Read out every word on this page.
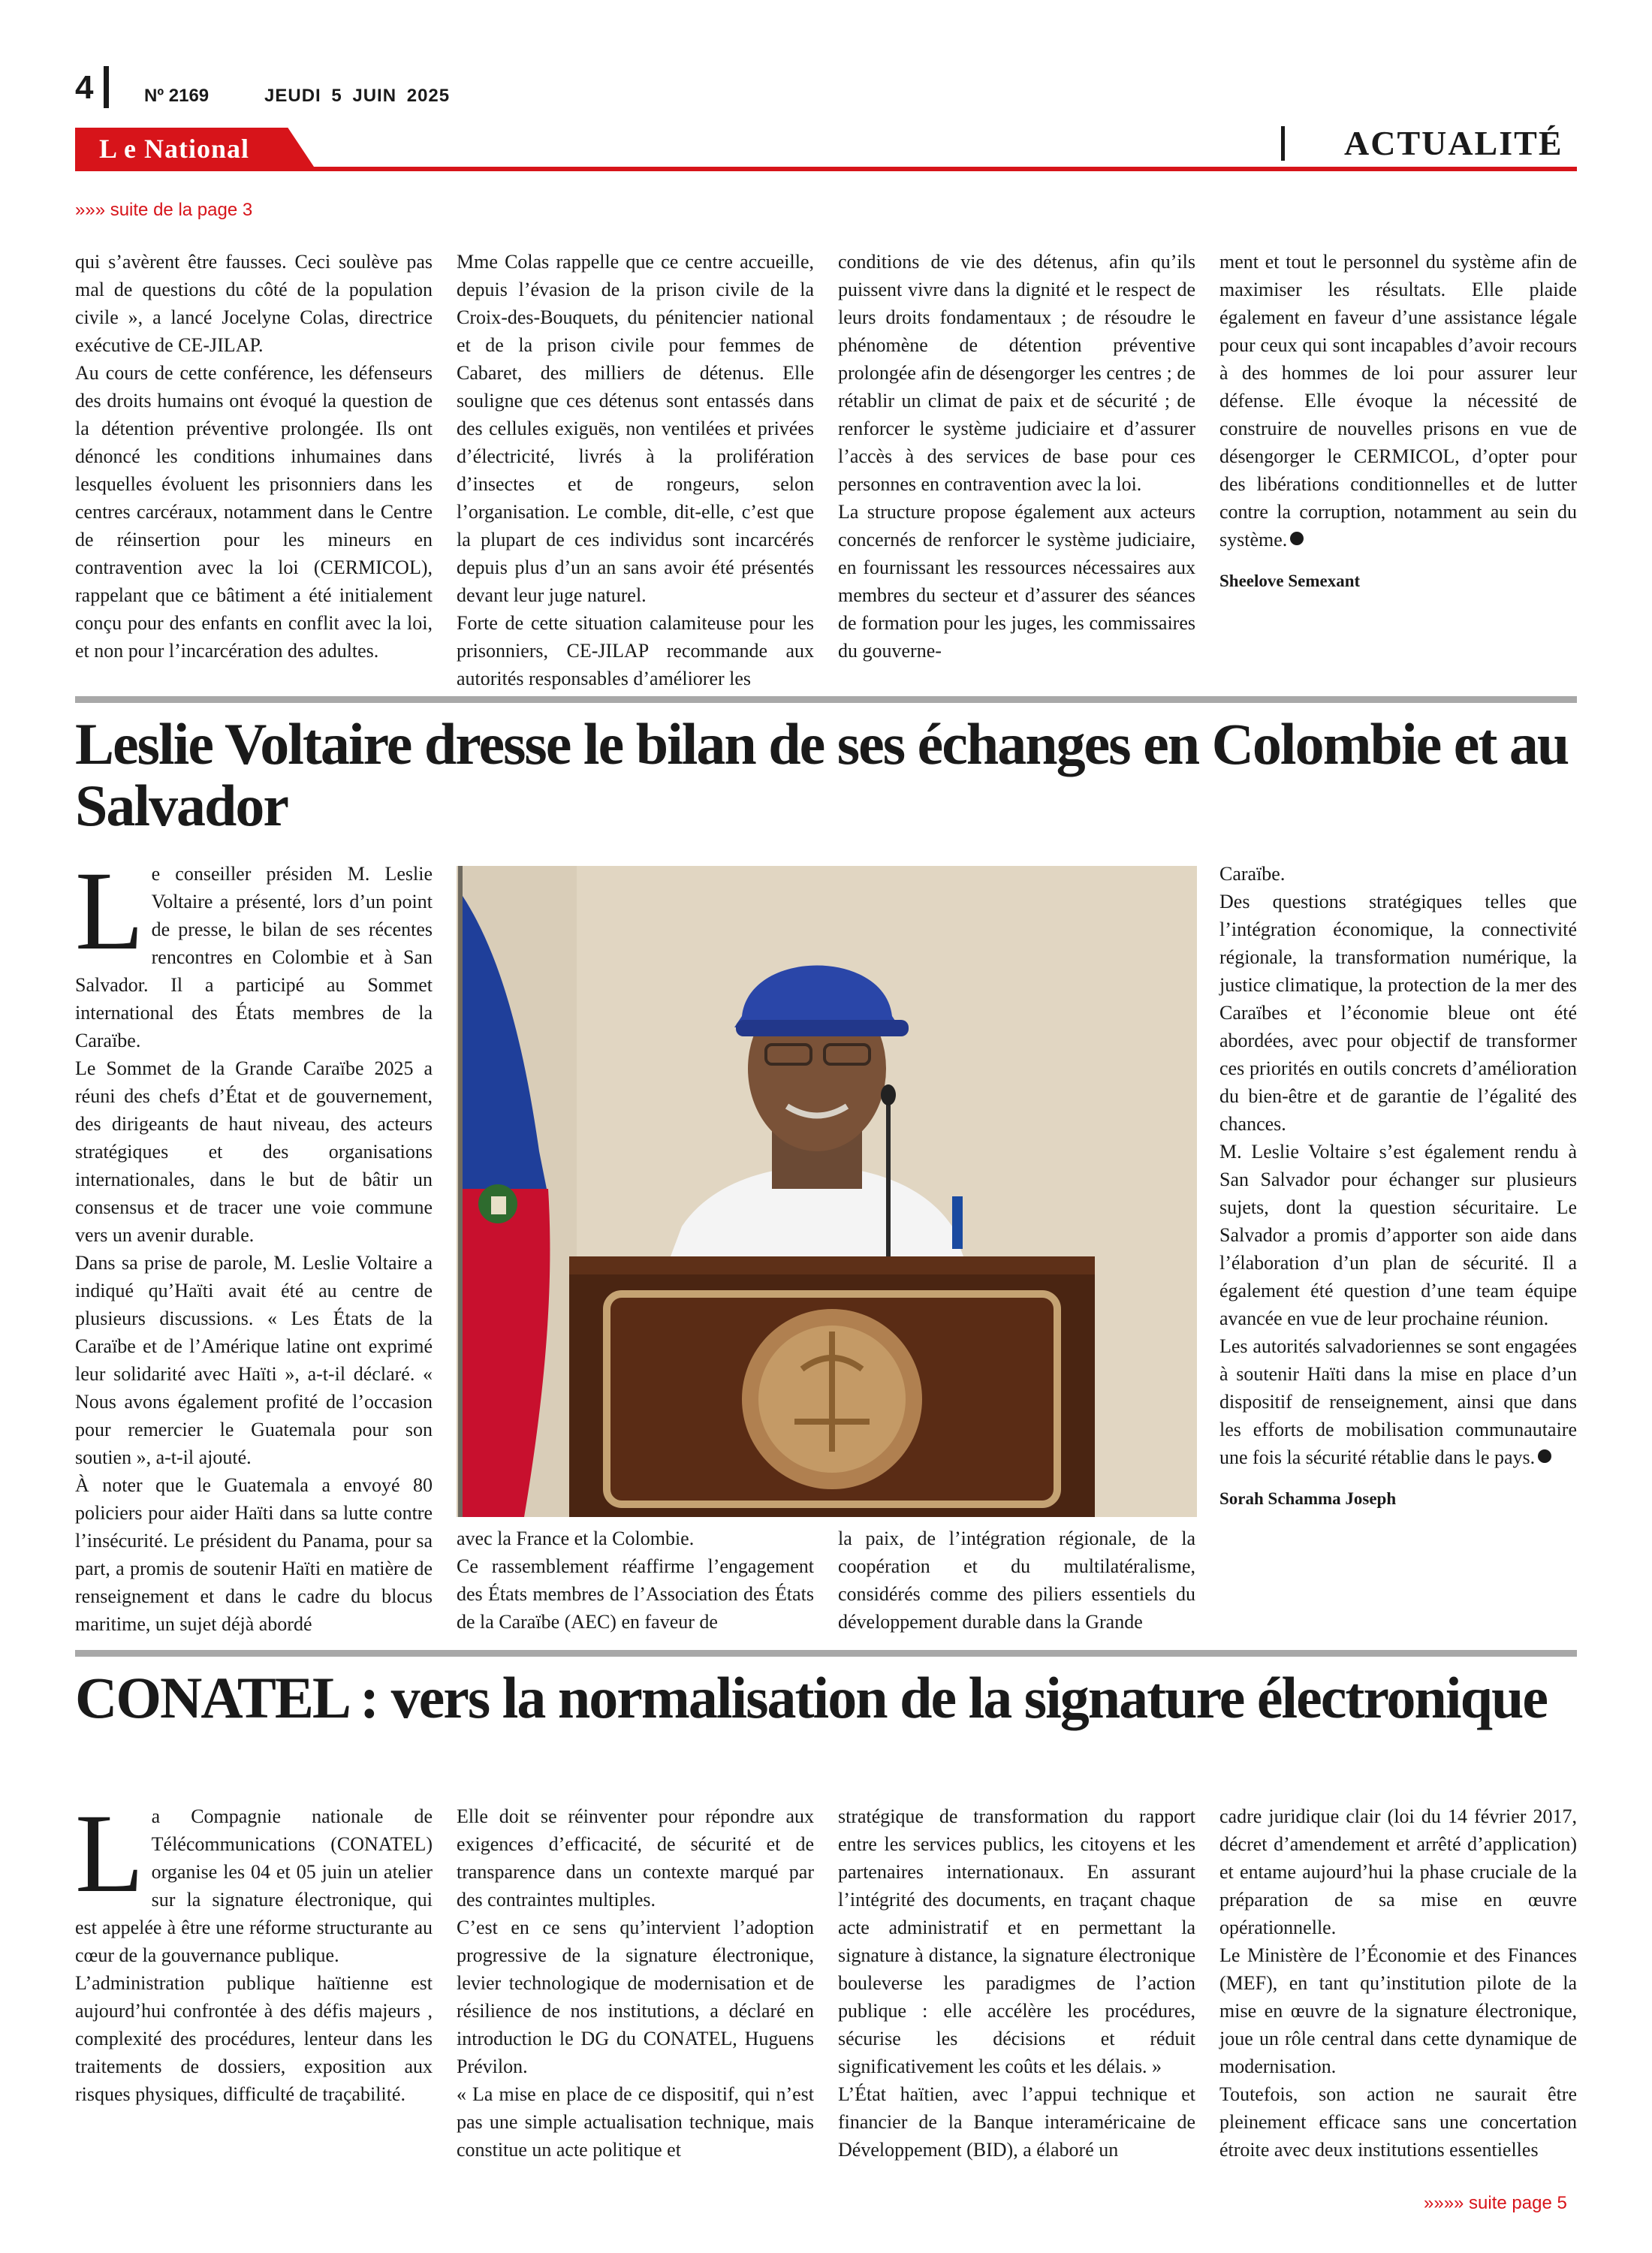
4	Nº 2169	JEUDI 5 JUIN 2025
L e National	ACTUALITÉ
»»» suite de la page 3

qui s’avèrent être fausses. Ceci soulève pas mal de questions du côté de la population civile », a lancé Jocelyne Colas, directrice exécutive de CE-JILAP.

Au cours de cette conférence, les défenseurs des droits humains ont évoqué la question de la détention préventive prolongée. Ils ont dénoncé les conditions inhumaines dans lesquelles évoluent les prisonniers dans les centres carcéraux, notamment dans le Centre de réinsertion pour les mineurs en contravention avec la loi (CERMICOL), rappelant que ce bâtiment a été initialement conçu pour des enfants en conflit avec la loi, et non pour l’incarcération des adultes.

Mme Colas rappelle que ce centre accueille, depuis l’évasion de la prison civile de la Croix-des-Bouquets, du pénitencier national et de la prison civile pour femmes de Cabaret, des milliers de détenus. Elle souligne que ces détenus sont entassés dans des cellules exiguës, non ventilées et privées d’électricité, livrés à la prolifération d’insectes et de rongeurs, selon l’organisation. Le comble, dit-elle, c’est que la plupart de ces individus sont incarcérés depuis plus d’un an sans avoir été présentés devant leur juge naturel.

Forte de cette situation calamiteuse pour les prisonniers, CE-JILAP recommande aux autorités responsables d’améliorer les

conditions de vie des détenus, afin qu’ils puissent vivre dans la dignité et le respect de leurs droits fondamentaux ; de résoudre le phénomène de détention préventive prolongée afin de désengorger les centres ; de rétablir un climat de paix et de sécurité ; de renforcer le système judiciaire et d’assurer l’accès à des services de base pour ces personnes en contravention avec la loi.

La structure propose également aux acteurs concernés de renforcer le système judiciaire, en fournissant les ressources nécessaires aux membres du secteur et d’assurer des séances de formation pour les juges, les commissaires du gouverne-

ment et tout le personnel du système afin de maximiser les résultats. Elle plaide également en faveur d’une assistance légale pour ceux qui sont incapables d’avoir recours à des hommes de loi pour assurer leur défense. Elle évoque la nécessité de construire de nouvelles prisons en vue de désengorger le CERMICOL, d’opter pour des libérations conditionnelles et de lutter contre la corruption, notamment au sein du système.

Sheelove Semexant

Leslie Voltaire dresse le bilan de ses échanges en Colombie et au Salvador

Le conseiller présiden M. Leslie Voltaire a présenté, lors d’un point de presse, le bilan de ses récentes rencontres en Colombie et à San Salvador. Il a participé au Sommet international des États membres de la Caraïbe.

Le Sommet de la Grande Caraïbe 2025 a réuni des chefs d’État et de gouvernement, des dirigeants de haut niveau, des acteurs stratégiques et des organisations internationales, dans le but de bâtir un consensus et de tracer une voie commune vers un avenir durable.

Dans sa prise de parole, M. Leslie Voltaire a indiqué qu’Haïti avait été au centre de plusieurs discussions. « Les États de la Caraïbe et de l’Amérique latine ont exprimé leur solidarité avec Haïti », a-t-il déclaré. « Nous avons également profité de l’occasion pour remercier le Guatemala pour son soutien », a-t-il ajouté.

À noter que le Guatemala a envoyé 80 policiers pour aider Haïti dans sa lutte contre l’insécurité. Le président du Panama, pour sa part, a promis de soutenir Haïti en matière de renseignement et dans le cadre du blocus maritime, un sujet déjà abordé

avec la France et la Colombie.

Ce rassemblement réaffirme l’engagement des États membres de l’Association des États de la Caraïbe (AEC) en faveur de

la paix, de l’intégration régionale, de la coopération et du multilatéralisme, considérés comme des piliers essentiels du développement durable dans la Grande

Caraïbe.

Des questions stratégiques telles que l’intégration économique, la connectivité régionale, la transformation numérique, la justice climatique, la protection de la mer des Caraïbes et l’économie bleue ont été abordées, avec pour objectif de transformer ces priorités en outils concrets d’amélioration du bien-être et de garantie de l’égalité des chances.

M. Leslie Voltaire s’est également rendu à San Salvador pour échanger sur plusieurs sujets, dont la question sécuritaire. Le Salvador a promis d’apporter son aide dans l’élaboration d’un plan de sécurité. Il a également été question d’une team équipe avancée en vue de leur prochaine réunion.

Les autorités salvadoriennes se sont engagées à soutenir Haïti dans la mise en place d’un dispositif de renseignement, ainsi que dans les efforts de mobilisation communautaire une fois la sécurité rétablie dans le pays.

Sorah Schamma Joseph

CONATEL : vers la normalisation de la signature électronique

La Compagnie nationale de Télécommunications (CONATEL) organise les 04 et 05 juin un atelier sur la signature électronique, qui est appelée à être une réforme structurante au cœur de la gouvernance publique.

L’administration publique haïtienne est aujourd’hui confrontée à des défis majeurs , complexité des procédures, lenteur dans les traitements de dossiers, exposition aux risques physiques, difficulté de traçabilité.

Elle doit se réinventer pour répondre aux exigences d’efficacité, de sécurité et de transparence dans un contexte marqué par des contraintes multiples.

C’est en ce sens qu’intervient l’adoption progressive de la signature électronique, levier technologique de modernisation et de résilience de nos institutions, a déclaré en introduction le DG du CONATEL, Huguens Prévilon.

« La mise en place de ce dispositif, qui n’est pas une simple actualisation technique, mais constitue un acte politique et

stratégique de transformation du rapport entre les services publics, les citoyens et les partenaires internationaux. En assurant l’intégrité des documents, en traçant chaque acte administratif et en permettant la signature à distance, la signature électronique bouleverse les paradigmes de l’action publique : elle accélère les procédures, sécurise les décisions et réduit significativement les coûts et les délais. »

L’État haïtien, avec l’appui technique et financier de la Banque interaméricaine de Développement (BID), a élaboré un

cadre juridique clair (loi du 14 février 2017, décret d’amendement et arrêté d’application) et entame aujourd’hui la phase cruciale de la préparation de sa mise en œuvre opérationnelle.

Le Ministère de l’Économie et des Finances (MEF), en tant qu’institution pilote de la mise en œuvre de la signature électronique, joue un rôle central dans cette dynamique de modernisation.

Toutefois, son action ne saurait être pleinement efficace sans une concertation étroite avec deux institutions essentielles

»»»» suite page 5
